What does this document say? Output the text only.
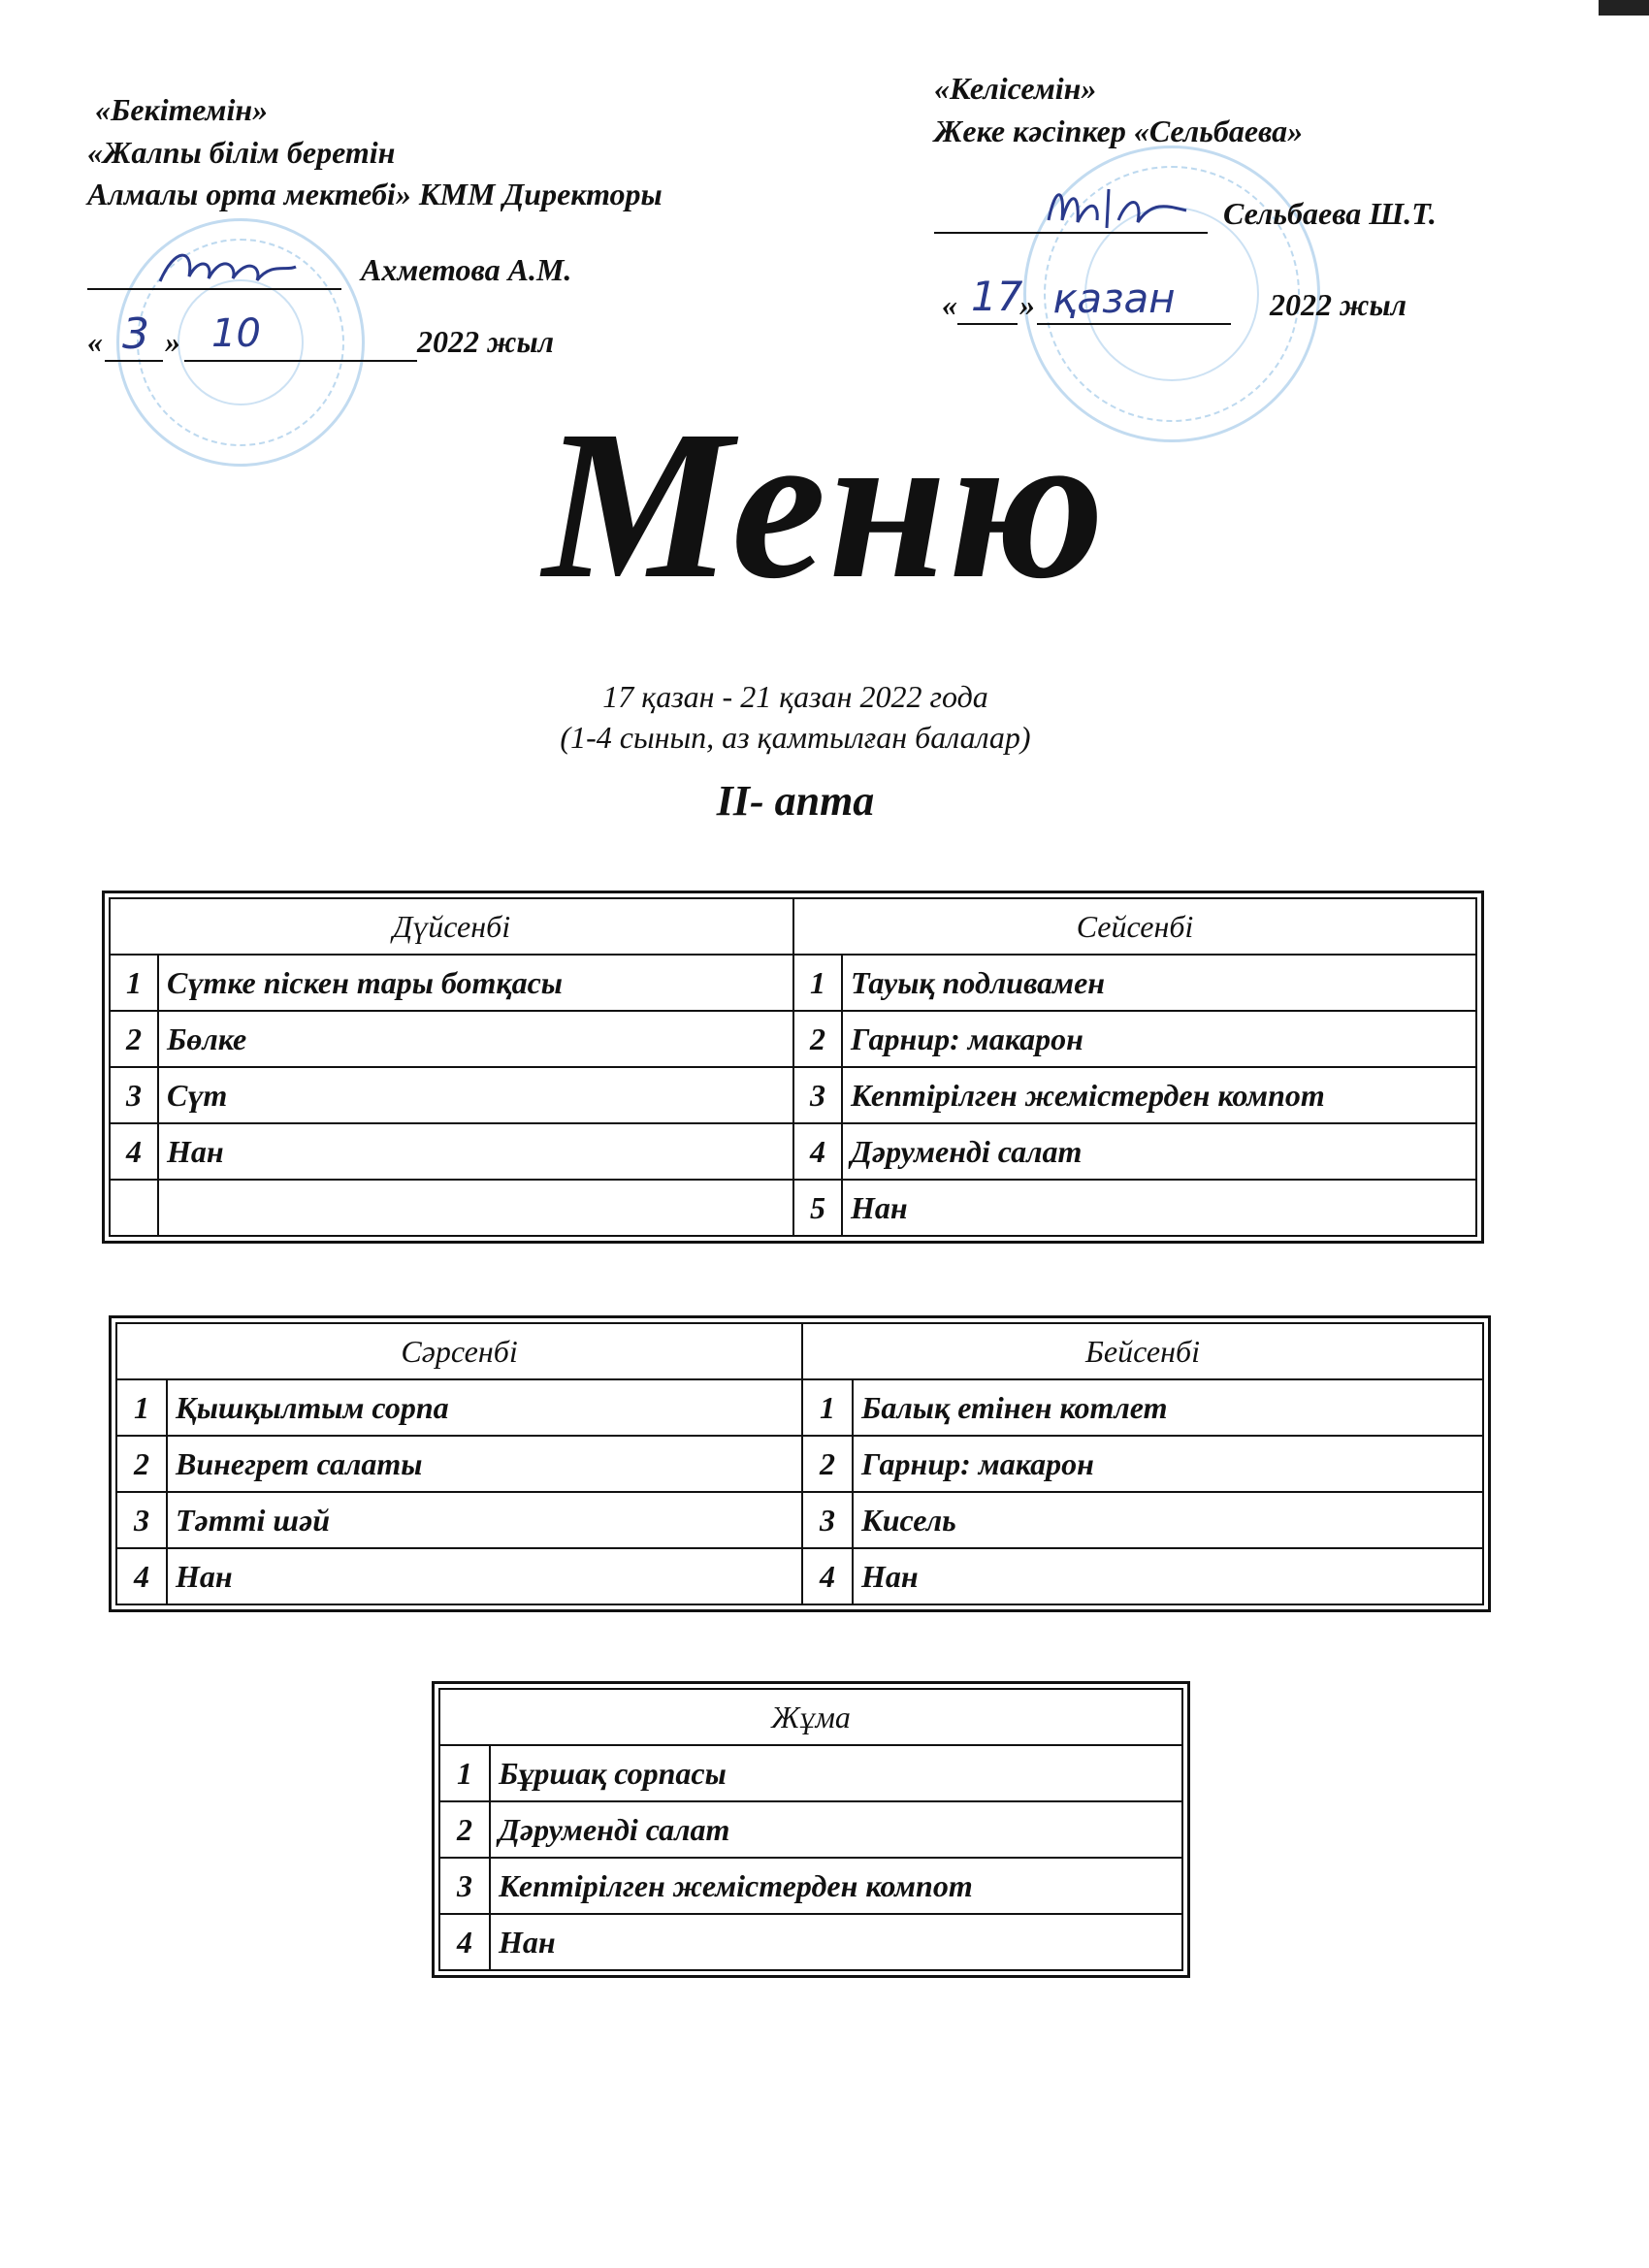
«Бекітемін»
«Жалпы білім беретін
Алмалы орта мектебі» КММ Директоры
Ахметова А.М.
« 3 » 10	2022 жыл
«Келісемін»
Жеке кәсіпкер «Сельбаева»
Сельбаева Ш.Т.
« 17
» қазан	2022 жыл
Меню
17 қазан - 21 қазан 2022 года
(1-4 сынып, аз қамтылған балалар)
II- апта
Дүйсенбі		Сейсенбі	
1	Сүтке піскен тары ботқасы	1	Тауық подливамен
2	Бөлке	2	Гарнир: макарон
3	Сүт	3	Кептірілген жемістерден компот
4	Нан	4	Дәрумендi салат
		5	Нан
Сәрсенбі		Бейсенбі	
1	Қышқылтым сорпа	1	Балық етінен котлет
2	Винегрет салаты	2	Гарнир: макарон
3	Тәтті шәй	3	Кисель
4	Нан	4	Нан
Жұма	
1	Бұршақ сорпасы
2	Дәрумендi салат
3	Кептірілген жемістерден компот
4	Нан
